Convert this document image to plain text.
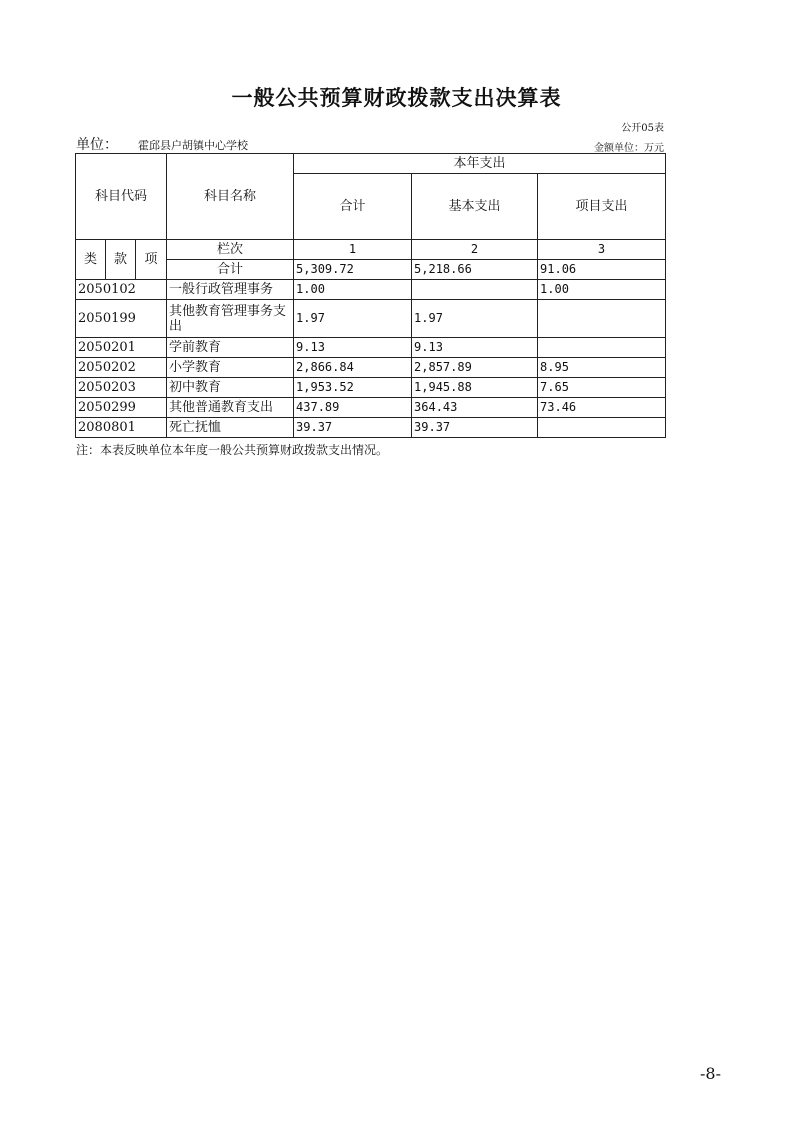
一般公共预算财政拨款支出决算表
公开05表
单位： 霍邱县户胡镇中心学校	金额单位：万元
科目代码			科目名称	本年支出		
				合计	基本支出	项目支出

类	款	项	栏次	1	2	3
			合计	5,309.72	5,218.66	91.06
2050102			一般行政管理事务	1.00		1.00
2050199			其他教育管理事务支出	1.97	1.97	
2050201			学前教育	9.13	9.13	
2050202			小学教育	2,866.84	2,857.89	8.95
2050203			初中教育	1,953.52	1,945.88	7.65
2050299			其他普通教育支出	437.89	364.43	73.46
2080801			死亡抚恤	39.37	39.37	
注：本表反映单位本年度一般公共预算财政拨款支出情况。
-8-
